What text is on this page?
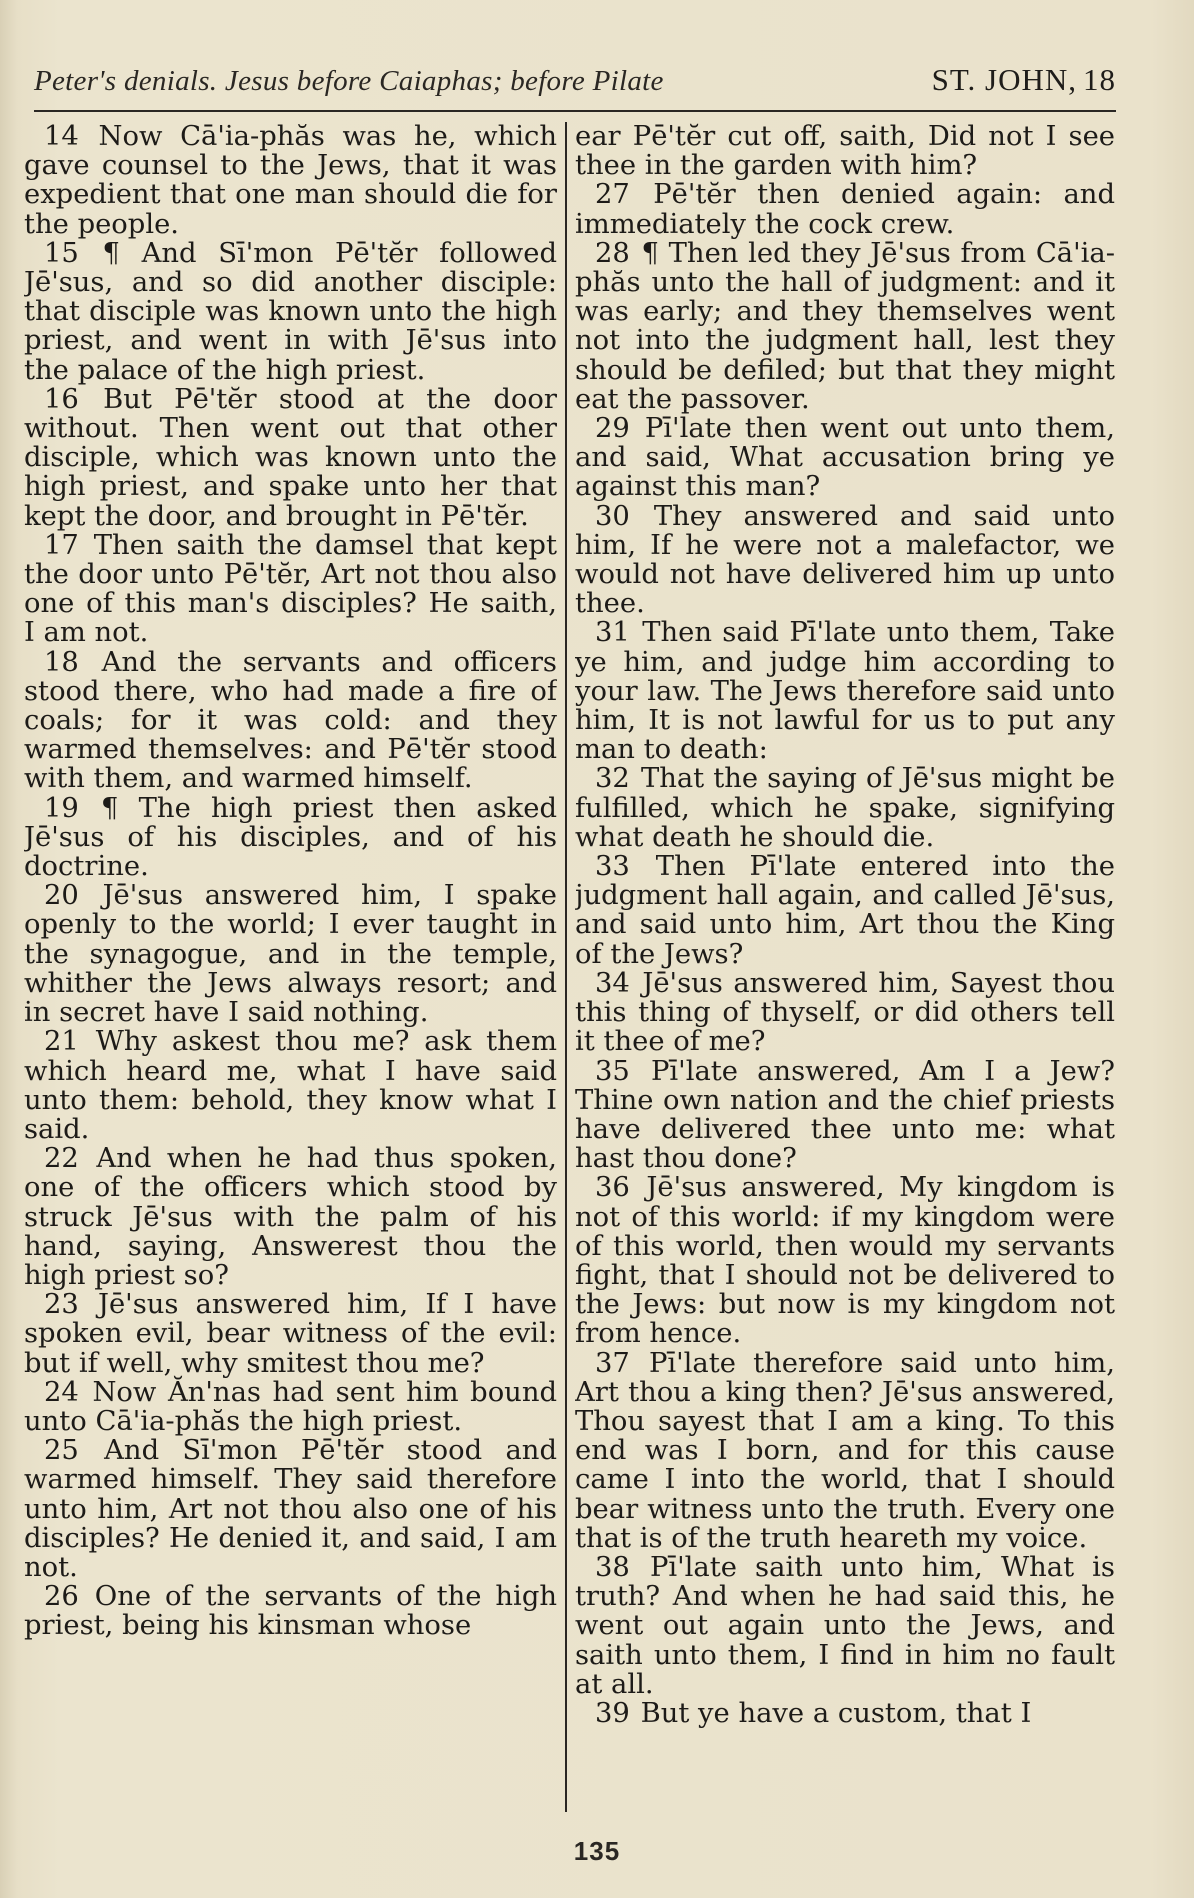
Peter's denials. Jesus before Caiaphas; before Pilate	ST. JOHN, 18

14 Now Cā'ia-phăs was he, which gave counsel to the Jews, that it was expedient that one man should die for the people.

15 ¶ And Sī'mon Pē'tĕr followed Jē'sus, and so did another disciple: that disciple was known unto the high priest, and went in with Jē'sus into the palace of the high priest.

16 But Pē'tĕr stood at the door without. Then went out that other disciple, which was known unto the high priest, and spake unto her that kept the door, and brought in Pē'tĕr.

17 Then saith the damsel that kept the door unto Pē'tĕr, Art not thou also one of this man's disciples? He saith, I am not.

18 And the servants and officers stood there, who had made a fire of coals; for it was cold: and they warmed themselves: and Pē'tĕr stood with them, and warmed himself.

19 ¶ The high priest then asked Jē'sus of his disciples, and of his doctrine.

20 Jē'sus answered him, I spake openly to the world; I ever taught in the synagogue, and in the temple, whither the Jews always resort; and in secret have I said nothing.

21 Why askest thou me? ask them which heard me, what I have said unto them: behold, they know what I said.

22 And when he had thus spoken, one of the officers which stood by struck Jē'sus with the palm of his hand, saying, Answerest thou the high priest so?

23 Jē'sus answered him, If I have spoken evil, bear witness of the evil: but if well, why smitest thou me?

24 Now Ăn'nas had sent him bound unto Cā'ia-phăs the high priest.

25 And Sī'mon Pē'tĕr stood and warmed himself. They said therefore unto him, Art not thou also one of his disciples? He denied it, and said, I am not.

26 One of the servants of the high priest, being his kinsman whose

ear Pē'tĕr cut off, saith, Did not I see thee in the garden with him?

27 Pē'tĕr then denied again: and immediately the cock crew.

28 ¶ Then led they Jē'sus from Cā'ia-phăs unto the hall of judgment: and it was early; and they themselves went not into the judgment hall, lest they should be defiled; but that they might eat the passover.

29 Pī'late then went out unto them, and said, What accusation bring ye against this man?

30 They answered and said unto him, If he were not a malefactor, we would not have delivered him up unto thee.

31 Then said Pī'late unto them, Take ye him, and judge him according to your law. The Jews therefore said unto him, It is not lawful for us to put any man to death:

32 That the saying of Jē'sus might be fulfilled, which he spake, signifying what death he should die.

33 Then Pī'late entered into the judgment hall again, and called Jē'sus, and said unto him, Art thou the King of the Jews?

34 Jē'sus answered him, Sayest thou this thing of thyself, or did others tell it thee of me?

35 Pī'late answered, Am I a Jew? Thine own nation and the chief priests have delivered thee unto me: what hast thou done?

36 Jē'sus answered, My kingdom is not of this world: if my kingdom were of this world, then would my servants fight, that I should not be delivered to the Jews: but now is my kingdom not from hence.

37 Pī'late therefore said unto him, Art thou a king then? Jē'sus answered, Thou sayest that I am a king. To this end was I born, and for this cause came I into the world, that I should bear witness unto the truth. Every one that is of the truth heareth my voice.

38 Pī'late saith unto him, What is truth? And when he had said this, he went out again unto the Jews, and saith unto them, I find in him no fault at all.

39 But ye have a custom, that I

135
